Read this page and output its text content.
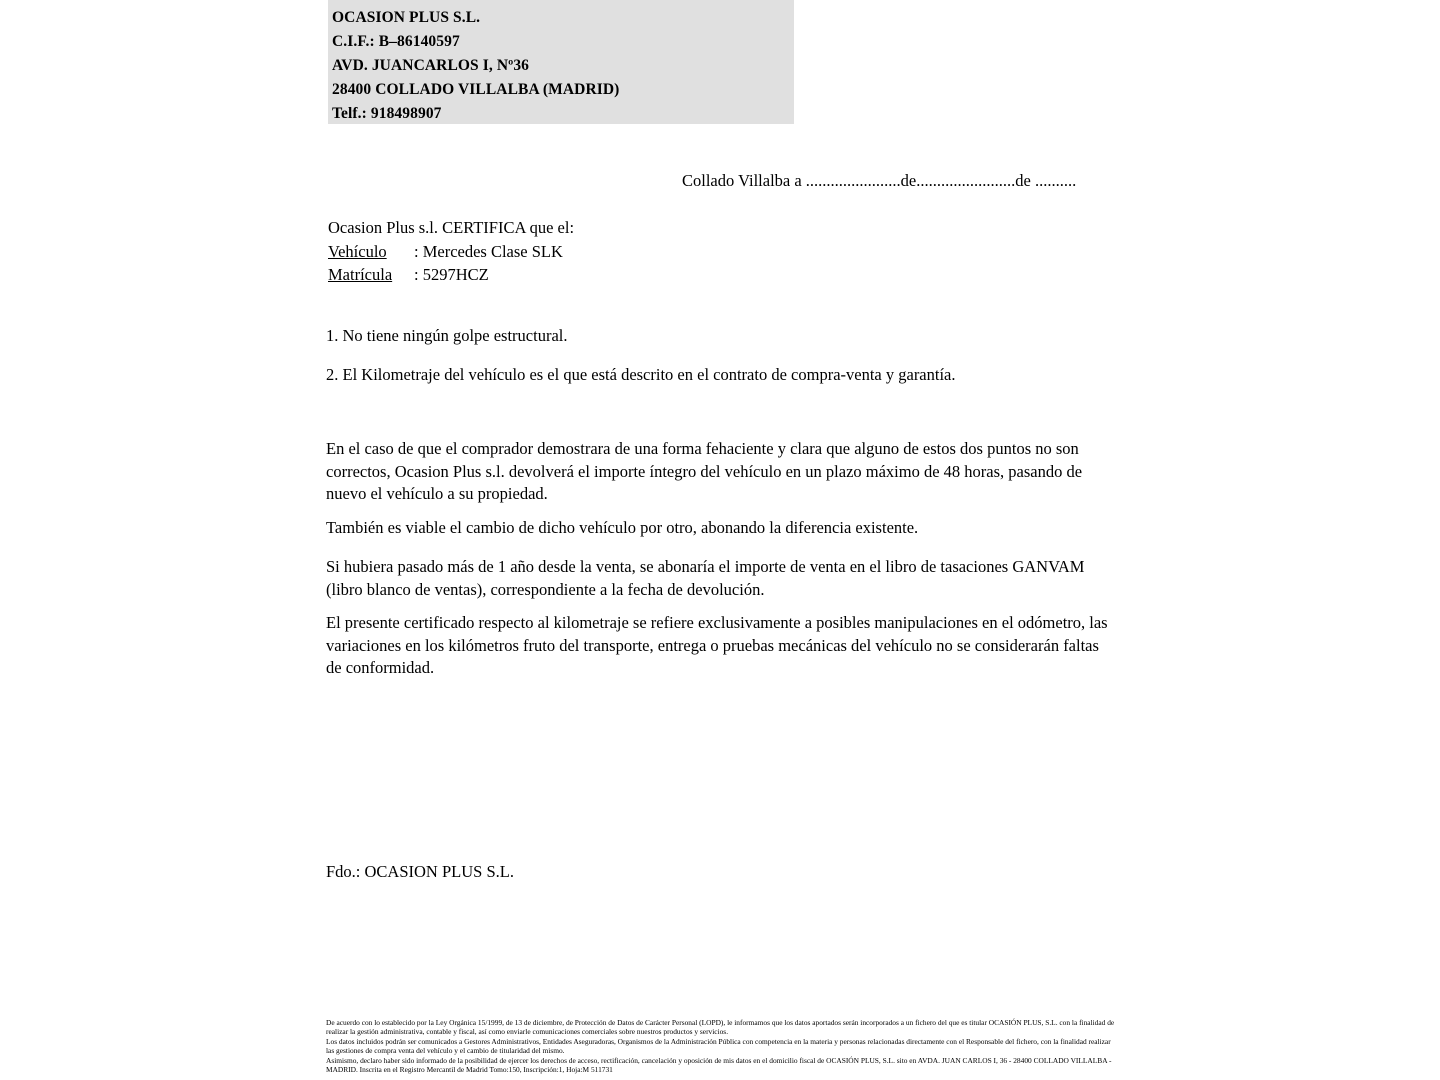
OCASION PLUS S.L.
C.I.F.: B–86140597
AVD. JUANCARLOS I, Nº36
28400 COLLADO VILLALBA (MADRID)
Telf.: 918498907
Collado Villalba a .......................de........................de ..........
Ocasion Plus s.l. CERTIFICA que el:
Vehículo	: Mercedes Clase SLK
Matrícula	: 5297HCZ
1. No tiene ningún golpe estructural.
2. El Kilometraje del vehículo es el que está descrito en el contrato de compra-venta y garantía.
En el caso de que el comprador demostrara de una forma fehaciente y clara que alguno de estos dos puntos no son correctos, Ocasion Plus s.l. devolverá el importe íntegro del vehículo en un plazo máximo de 48 horas, pasando de nuevo el vehículo a su propiedad.
También es viable el cambio de dicho vehículo por otro, abonando la diferencia existente.
Si hubiera pasado más de 1 año desde la venta, se abonaría el importe de venta en el libro de tasaciones GANVAM (libro blanco de ventas), correspondiente a la fecha de devolución.
El presente certificado respecto al kilometraje se refiere exclusivamente a posibles manipulaciones en el odómetro, las variaciones en los kilómetros fruto del transporte, entrega o pruebas mecánicas del vehículo no se considerarán faltas de conformidad.
Fdo.: OCASION PLUS S.L.

De acuerdo con lo establecido por la Ley Orgánica 15/1999, de 13 de diciembre, de Protección de Datos de Carácter Personal (LOPD), le informamos que los datos aportados serán incorporados a un fichero del que es titular OCASIÓN PLUS, S.L. con la finalidad de realizar la gestión administrativa, contable y fiscal, así como enviarle comunicaciones comerciales sobre nuestros productos y servicios.

Los datos incluidos podrán ser comunicados a Gestores Administrativos, Entidades Aseguradoras, Organismos de la Administración Pública con competencia en la materia y personas relacionadas directamente con el Responsable del fichero, con la finalidad realizar las gestiones de compra venta del vehículo y el cambio de titularidad del mismo.

Asimismo, declaro haber sido informado de la posibilidad de ejercer los derechos de acceso, rectificación, cancelación y oposición de mis datos en el domicilio fiscal de OCASIÓN PLUS, S.L. sito en AVDA. JUAN CARLOS I, 36 - 28400 COLLADO VILLALBA - MADRID. Inscrita en el Registro Mercantil de Madrid Tomo:150, Inscripción:1, Hoja:M 511731
